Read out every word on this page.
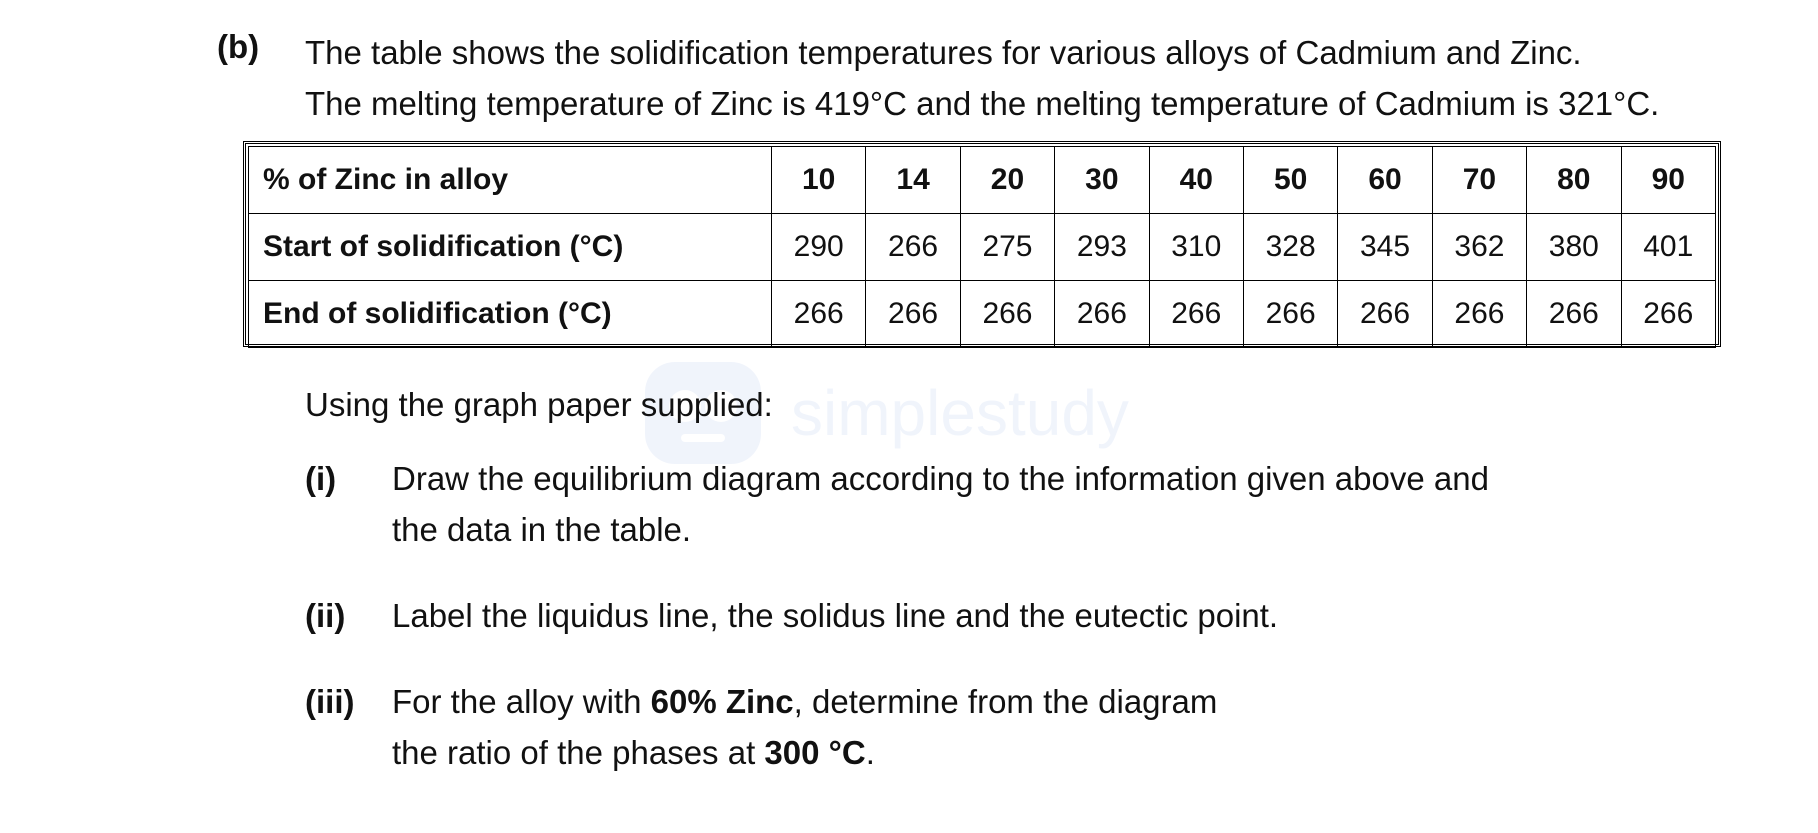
(b) The table shows the solidification temperatures for various alloys of Cadmium and Zinc.
The melting temperature of Zinc is 419°C and the melting temperature of Cadmium is 321°C.
% of Zinc in alloy	10	14	20	30	40	50	60	70	80	90
Start of solidification (°C)	290	266	275	293	310	328	345	362	380	401
End of solidification (°C)	266	266	266	266	266	266	266	266	266	266
simplestudy
Using the graph paper supplied:
(i) Draw the equilibrium diagram according to the information given above and
the data in the table.
(ii) Label the liquidus line, the solidus line and the eutectic point.
(iii) For the alloy with 60% Zinc, determine from the diagram
the ratio of the phases at 300 °C.
